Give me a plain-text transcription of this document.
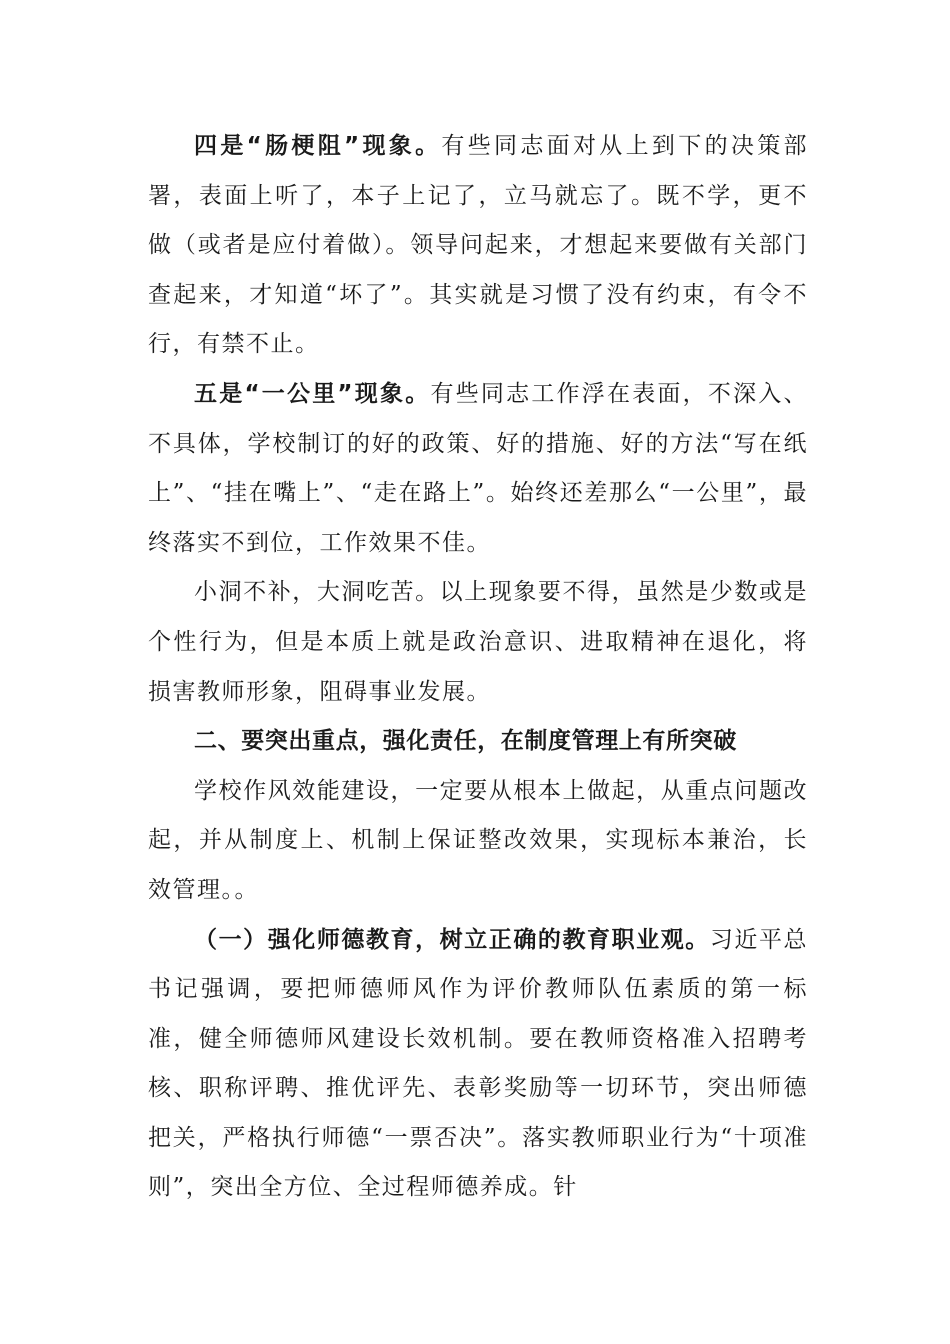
四是“肠梗阻”现象。有些同志面对从上到下的决策部署，表面上听了，本子上记了，立马就忘了。既不学，更不做（或者是应付着做）。领导问起来，才想起来要做有关部门查起来，才知道“坏了”。其实就是习惯了没有约束，有令不行，有禁不止。

五是“一公里”现象。有些同志工作浮在表面，不深入、不具体，学校制订的好的政策、好的措施、好的方法“写在纸上”、“挂在嘴上”、“走在路上”。始终还差那么“一公里”，最终落实不到位，工作效果不佳。

小洞不补，大洞吃苦。以上现象要不得，虽然是少数或是个性行为，但是本质上就是政治意识、进取精神在退化，将损害教师形象，阻碍事业发展。

二、要突出重点，强化责任，在制度管理上有所突破

学校作风效能建设，一定要从根本上做起，从重点问题改起，并从制度上、机制上保证整改效果，实现标本兼治，长效管理。。

（一）强化师德教育，树立正确的教育职业观。习近平总书记强调，要把师德师风作为评价教师队伍素质的第一标准，健全师德师风建设长效机制。要在教师资格准入招聘考核、职称评聘、推优评先、表彰奖励等一切环节，突出师德把关，严格执行师德“一票否决”。落实教师职业行为“十项准则”，突出全方位、全过程师德养成。针
